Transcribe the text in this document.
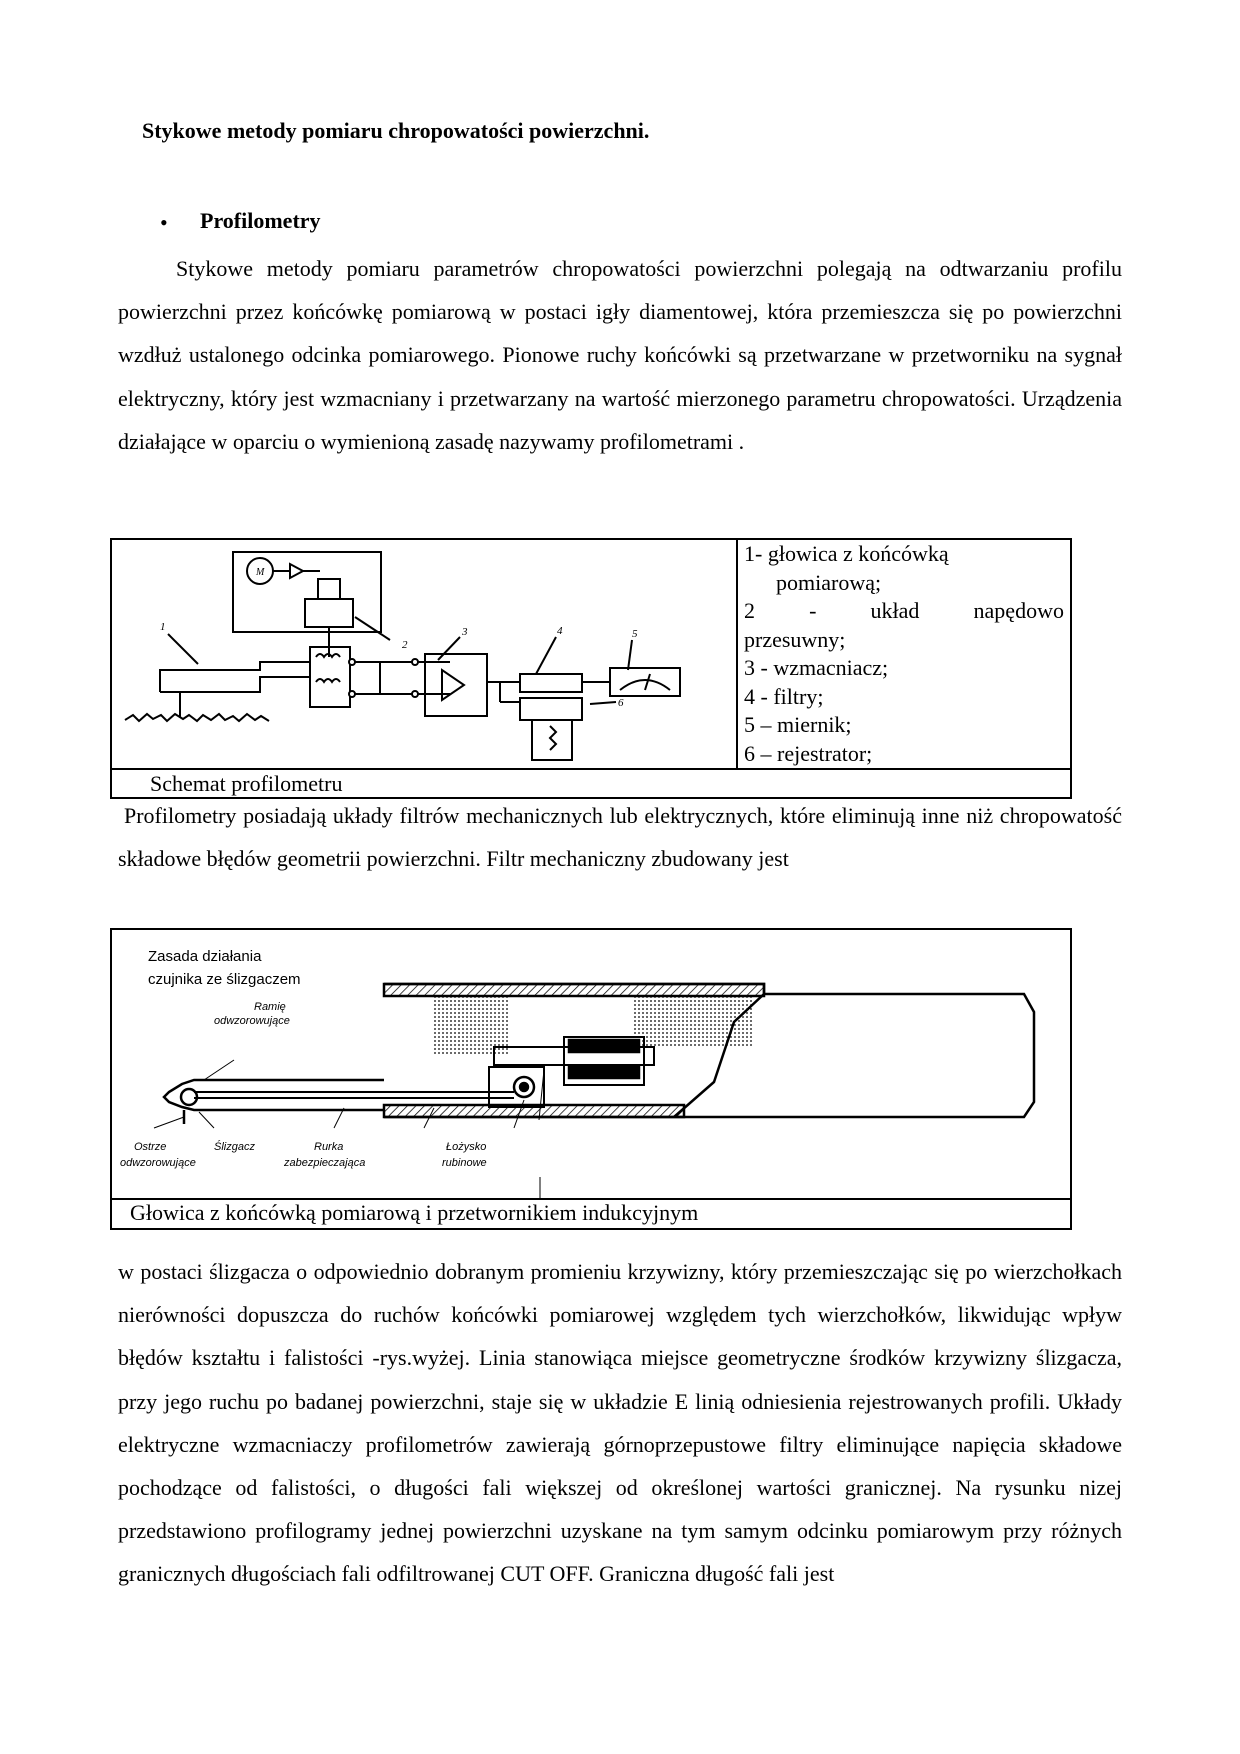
Stykowe metody pomiaru chropowatości powierzchni.
• Profilometry
Stykowe metody pomiaru parametrów chropowatości powierzchni polegają na odtwarzaniu profilu powierzchni przez końcówkę pomiarową w postaci igły diamentowej, która przemieszcza się po powierzchni wzdłuż ustalonego odcinka pomiarowego. Pionowe ruchy końcówki są przetwarzane w przetworniku na sygnał elektryczny, który jest wzmacniany i przetwarzany na wartość mierzonego parametru chropowatości. Urządzenia działające w oparciu o wymienioną zasadę nazywamy profilometrami .
1
2
3	4	5
6
M
1- głowica z końcówką
pomiarową;
2 - układ napędowo
przesuwny;
3 - wzmacniacz;
4 - filtry;
5 – miernik;
6 – rejestrator;
Schemat profilometru
Profilometry posiadają układy filtrów mechanicznych lub elektrycznych, które eliminują inne niż chropowatość składowe błędów geometrii powierzchni. Filtr mechaniczny zbudowany jest
Zasada działania
czujnika ze ślizgaczem
Ramię
odwzorowujące
Ostrze
odwzorowujące
Ślizgacz	Rurka
zabezpieczająca
Łożysko
rubinowe
Głowica z końcówką pomiarową i przetwornikiem indukcyjnym
w postaci ślizgacza o odpowiednio dobranym promieniu krzywizny, który przemieszczając się po wierzchołkach nierówności dopuszcza do ruchów końcówki pomiarowej względem tych wierzchołków, likwidując wpływ błędów kształtu i falistości -rys.wyżej. Linia stanowiąca miejsce geometryczne środków krzywizny ślizgacza, przy jego ruchu po badanej powierzchni, staje się w układzie E linią odniesienia rejestrowanych profili. Układy elektryczne wzmacniaczy profilometrów zawierają górnoprzepustowe filtry eliminujące napięcia składowe pochodzące od falistości, o długości fali większej od określonej wartości granicznej. Na rysunku nizej przedstawiono profilogramy jednej powierzchni uzyskane na tym samym odcinku pomiarowym przy różnych granicznych długościach fali odfiltrowanej CUT OFF. Graniczna długość fali jest
